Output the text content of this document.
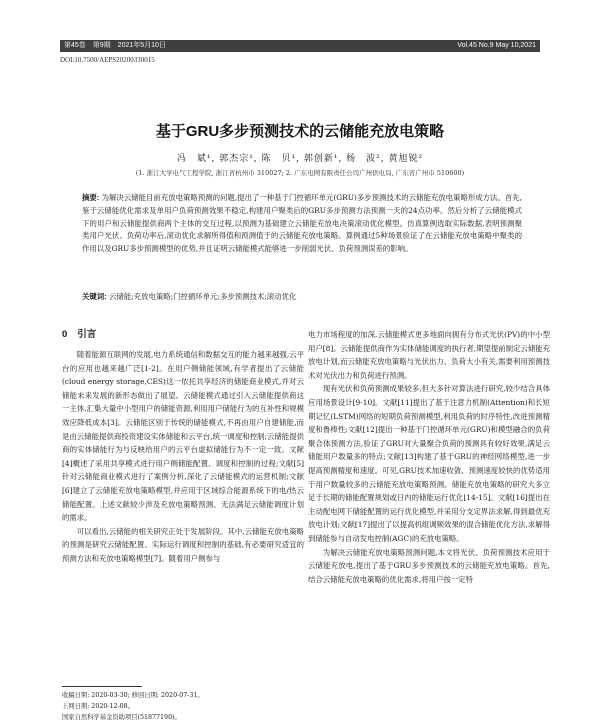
第45卷　第9期　2021年5月10日	Vol.45 No.9 May 10,2021
DOI:10.7500/AEPS20200330015
基于GRU多步预测技术的云储能充放电策略
冯　斌¹, 郭杰宗¹, 陈　贝¹, 郭创新¹, 杨　波², 黄旭锐²
(1. 浙江大学电气工程学院, 浙江省杭州市 310027; 2. 广东电网有限责任公司广州供电局, 广东省广州市 510600)
摘要: 为解决云储能目前充放电策略预测的问题,提出了一种基于门控循环单元(GRU)多步预测技术的云储能充放电策略形成方法。首先,鉴于云储能优化需求及单用户负荷预测效果不稳定,构建用户聚类后的GRU多步预测方法预测一天的24点功率。然后分析了云储能模式下的用户和云储能提供商两个主体的交互过程,以预测为基础建立云储能充放电决策滚动优化模型。仿真算例选取实际数据,表明预测聚类用户光伏、负荷功率后,滚动优化求解所得值和预测值于的云储能充放电策略。算例通过5种场景验证了在云储能充放电策略中聚类的作用以及GRU多步预测模型的优势,并且证明云储能模式能够进一步削弱光伏、负荷预测误差的影响。
关键词: 云储能;充放电策略;门控循环单元;多步预测技术;滚动优化
0 引言

随着能源互联网的发展,电力系统通信和数据交互的能力越来越强,云平台的应用也越来越广泛[1-2]。在用户侧储能领域,有学者提出了云储能(cloud energy storage,CES)这一依托共享经济的储能商业模式,并对云储能未来发展的新形态做出了展望。云储能模式通过引入云储能提供商这一主体,汇集大量中小型用户的储能资源,利用用户储能行为的互补性和规模效应降低成本[3]。云储能区别于传统的储能模式,不再由用户自建储能,而是由云储能提供商投资建设实体储能和云平台,统一调度和控制;云储能提供商的实体储能行为与反映给用户的云平台虚拟储能行为不一定一致。文献[4]概述了采用共享模式进行用户侧储能配置、调度和控制的过程;文献[5]针对云储能商业模式进行了案例分析,深化了云储能模式的运营机制;文献[6]建立了云储能充放电策略模型,并应用于区域综合能源系统下的电/热云储能配置。上述文献较少涉及充放电策略预测、无法满足云储能调度计划的需求。

可以看出,云储能的相关研究正处于发展阶段。其中,云储能充放电策略的预测是研究云储能配置、实际运行调度和控制的基础,有必要研究适宜的预测方法和充放电策略模型[7]。随着用户侧参与

电力市场程度的加深,云储能模式更多地面向拥有分布式光伏(PV)的中小型用户[8]。云储能提供商作为实体储能调度的执行者,期望提前制定云储能充放电计划,而云储能充放电策略与光伏出力、负荷大小有关,需要利用预测技术对光伏出力和负荷进行预测。

现有光伏和负荷预测成果较多,但大多针对算法进行研究,较少结合具体应用场景设计[9-10]。文献[11]提出了基于注意力机制(Attention)和长短期记忆(LSTM)网络的短期负荷预测模型,利用负荷的时序特性,改进预测精度和鲁棒性;文献[12]提出一种基于门控循环单元(GRU)和模型融合的负荷聚合体预测方法,验证了GRU对大量聚合负荷的预测具有较好效果,满足云储能用户数量多的特点;文献[13]构建了基于GRU的神经网络模型,进一步提高预测精度和速度。可见,GRU技术加速收敛、预测速度较快的优势适用于用户数量较多的云储能充放电策略预测。储能充放电策略的研究大多立足于长期的储能配置规划或日内的储能运行优化[14-15]。文献[16]提出在主动配电网下储能配置的运行优化模型,并采用分支定界法求解,得到最优充放电计划;文献[17]提出了以提高机组调频效果的混合储能优化方法,求解得到储能参与自动发电控制(AGC)的充放电策略。

为解决云储能充放电策略预测问题,本文将光伏、负荷预测技术应用于云储能充放电,提出了基于GRU多步预测技术的云储能充放电策略。首先,结合云储能充放电策略的优化需求,将用户按一定特

收稿日期: 2020-03-30; 修回日期: 2020-07-31。
上网日期: 2020-12-08。
国家自然科学基金资助项目(51877190)。
